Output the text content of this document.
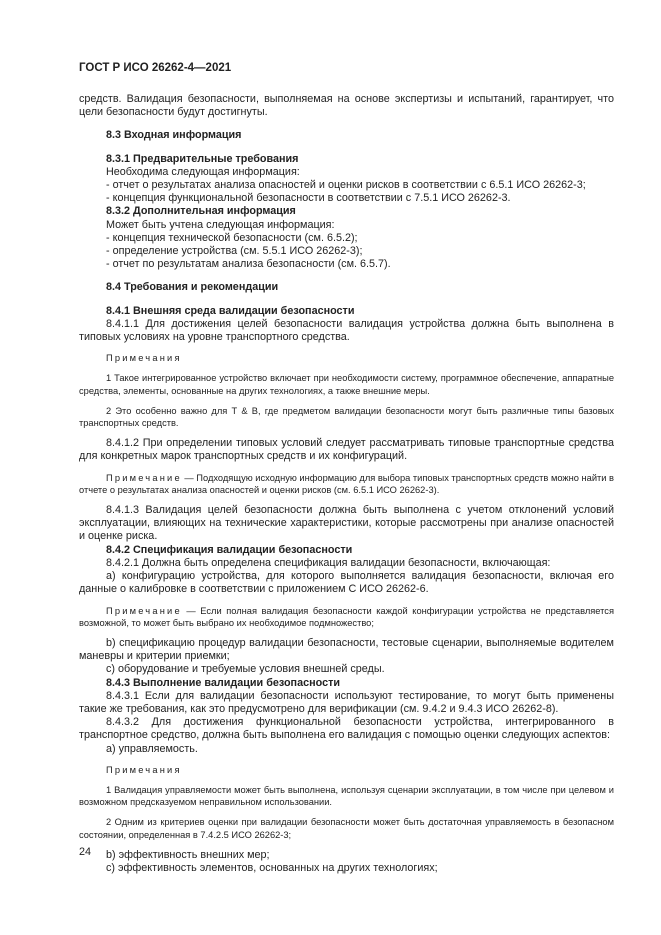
ГОСТ Р ИСО 26262-4—2021

средств. Валидация безопасности, выполняемая на основе экспертизы и испытаний, гарантирует, что цели безопасности будут достигнуты.

8.3 Входная информация

8.3.1 Предварительные требования

Необходима следующая информация:

- отчет о результатах анализа опасностей и оценки рисков в соответствии с 6.5.1 ИСО 26262-3;

- концепция функциональной безопасности в соответствии с 7.5.1 ИСО 26262-3.

8.3.2 Дополнительная информация

Может быть учтена следующая информация:

- концепция технической безопасности (см. 6.5.2);

- определение устройства (см. 5.5.1 ИСО 26262-3);

- отчет по результатам анализа безопасности (см. 6.5.7).

8.4 Требования и рекомендации

8.4.1 Внешняя среда валидации безопасности

8.4.1.1 Для достижения целей безопасности валидация устройства должна быть выполнена в типовых условиях на уровне транспортного средства.

Примечания

1 Такое интегрированное устройство включает при необходимости систему, программное обеспечение, аппаратные средства, элементы, основанные на других технологиях, а также внешние меры.

2 Это особенно важно для Т & В, где предметом валидации безопасности могут быть различные типы базовых транспортных средств.

8.4.1.2 При определении типовых условий следует рассматривать типовые транспортные средства для конкретных марок транспортных средств и их конфигураций.

Примечание — Подходящую исходную информацию для выбора типовых транспортных средств можно найти в отчете о результатах анализа опасностей и оценки рисков (см. 6.5.1 ИСО 26262-3).

8.4.1.3 Валидация целей безопасности должна быть выполнена с учетом отклонений условий эксплуатации, влияющих на технические характеристики, которые рассмотрены при анализе опасностей и оценке риска.

8.4.2 Спецификация валидации безопасности

8.4.2.1 Должна быть определена спецификация валидации безопасности, включающая:

а) конфигурацию устройства, для которого выполняется валидация безопасности, включая его данные о калибровке в соответствии с приложением С ИСО 26262-6.

Примечание — Если полная валидация безопасности каждой конфигурации устройства не представляется возможной, то может быть выбрано их необходимое подмножество;

b) спецификацию процедур валидации безопасности, тестовые сценарии, выполняемые водителем маневры и критерии приемки;

с) оборудование и требуемые условия внешней среды.

8.4.3 Выполнение валидации безопасности

8.4.3.1 Если для валидации безопасности используют тестирование, то могут быть применены такие же требования, как это предусмотрено для верификации (см. 9.4.2 и 9.4.3 ИСО 26262-8).

8.4.3.2 Для достижения функциональной безопасности устройства, интегрированного в транспортное средство, должна быть выполнена его валидация с помощью оценки следующих аспектов:

а) управляемость.

Примечания

1 Валидация управляемости может быть выполнена, используя сценарии эксплуатации, в том числе при целевом и возможном предсказуемом неправильном использовании.

2 Одним из критериев оценки при валидации безопасности может быть достаточная управляемость в безопасном состоянии, определенная в 7.4.2.5 ИСО 26262-3;

b) эффективность внешних мер;

с) эффективность элементов, основанных на других технологиях;

24
